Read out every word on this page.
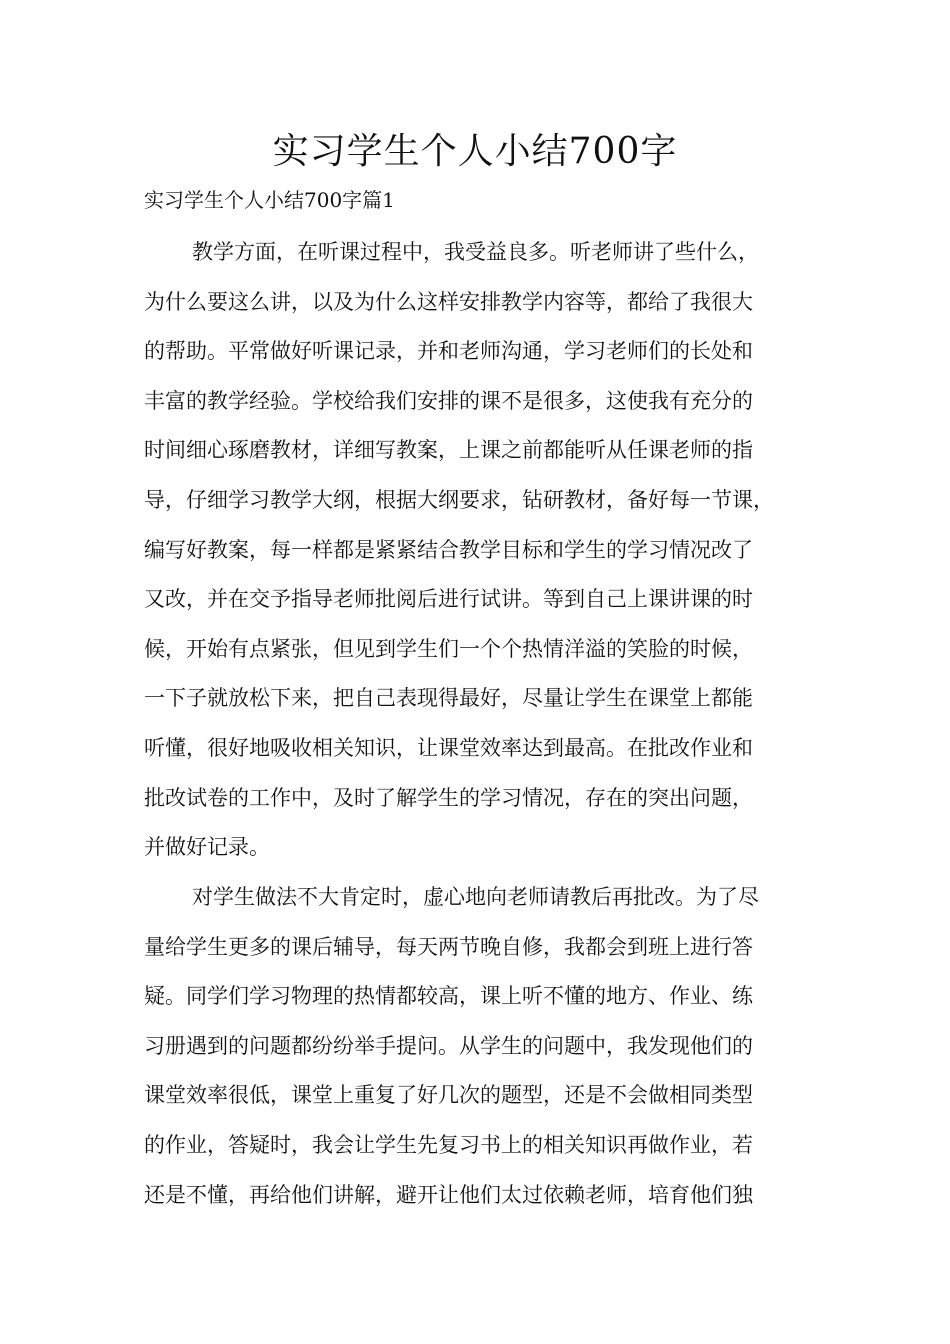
实习学生个人小结700字
实习学生个人小结700字篇1
教学方面，在听课过程中，我受益良多。听老师讲了些什么，
为什么要这么讲，以及为什么这样安排教学内容等，都给了我很大
的帮助。平常做好听课记录，并和老师沟通，学习老师们的长处和
丰富的教学经验。学校给我们安排的课不是很多，这使我有充分的
时间细心琢磨教材，详细写教案，上课之前都能听从任课老师的指
导，仔细学习教学大纲，根据大纲要求，钻研教材，备好每一节课，
编写好教案，每一样都是紧紧结合教学目标和学生的学习情况改了
又改，并在交予指导老师批阅后进行试讲。等到自己上课讲课的时
候，开始有点紧张，但见到学生们一个个热情洋溢的笑脸的时候，
一下子就放松下来，把自己表现得最好，尽量让学生在课堂上都能
听懂，很好地吸收相关知识，让课堂效率达到最高。在批改作业和
批改试卷的工作中，及时了解学生的学习情况，存在的突出问题，
并做好记录。
对学生做法不大肯定时，虚心地向老师请教后再批改。为了尽
量给学生更多的课后辅导，每天两节晚自修，我都会到班上进行答
疑。同学们学习物理的热情都较高，课上听不懂的地方、作业、练
习册遇到的问题都纷纷举手提问。从学生的问题中，我发现他们的
课堂效率很低，课堂上重复了好几次的题型，还是不会做相同类型
的作业，答疑时，我会让学生先复习书上的相关知识再做作业，若
还是不懂，再给他们讲解，避开让他们太过依赖老师，培育他们独
